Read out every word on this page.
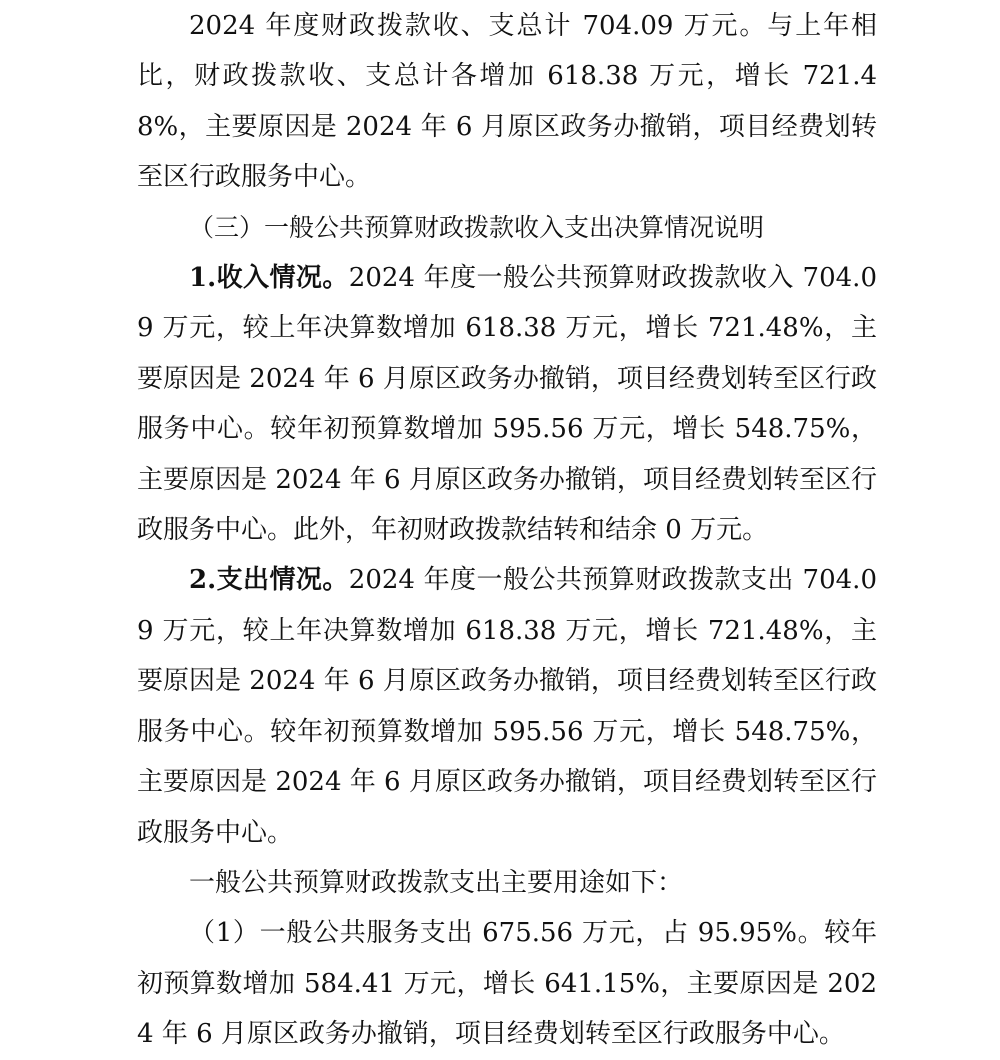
2024 年度财政拨款收、支总计 704.09 万元。与上年相比，财政拨款收、支总计各增加 618.38 万元，增长 721.48%，主要原因是 2024 年 6 月原区政务办撤销，项目经费划转至区行政服务中心。

（三）一般公共预算财政拨款收入支出决算情况说明

1.收入情况。2024 年度一般公共预算财政拨款收入 704.09 万元，较上年决算数增加 618.38 万元，增长 721.48%，主要原因是 2024 年 6 月原区政务办撤销，项目经费划转至区行政服务中心。较年初预算数增加 595.56 万元，增长 548.75%，主要原因是 2024 年 6 月原区政务办撤销，项目经费划转至区行政服务中心。此外，年初财政拨款结转和结余 0 万元。

2.支出情况。2024 年度一般公共预算财政拨款支出 704.09 万元，较上年决算数增加 618.38 万元，增长 721.48%，主要原因是 2024 年 6 月原区政务办撤销，项目经费划转至区行政服务中心。较年初预算数增加 595.56 万元，增长 548.75%，主要原因是 2024 年 6 月原区政务办撤销，项目经费划转至区行政服务中心。

一般公共预算财政拨款支出主要用途如下：

（1）一般公共服务支出 675.56 万元，占 95.95%。较年初预算数增加 584.41 万元，增长 641.15%，主要原因是 2024 年 6 月原区政务办撤销，项目经费划转至区行政服务中心。
